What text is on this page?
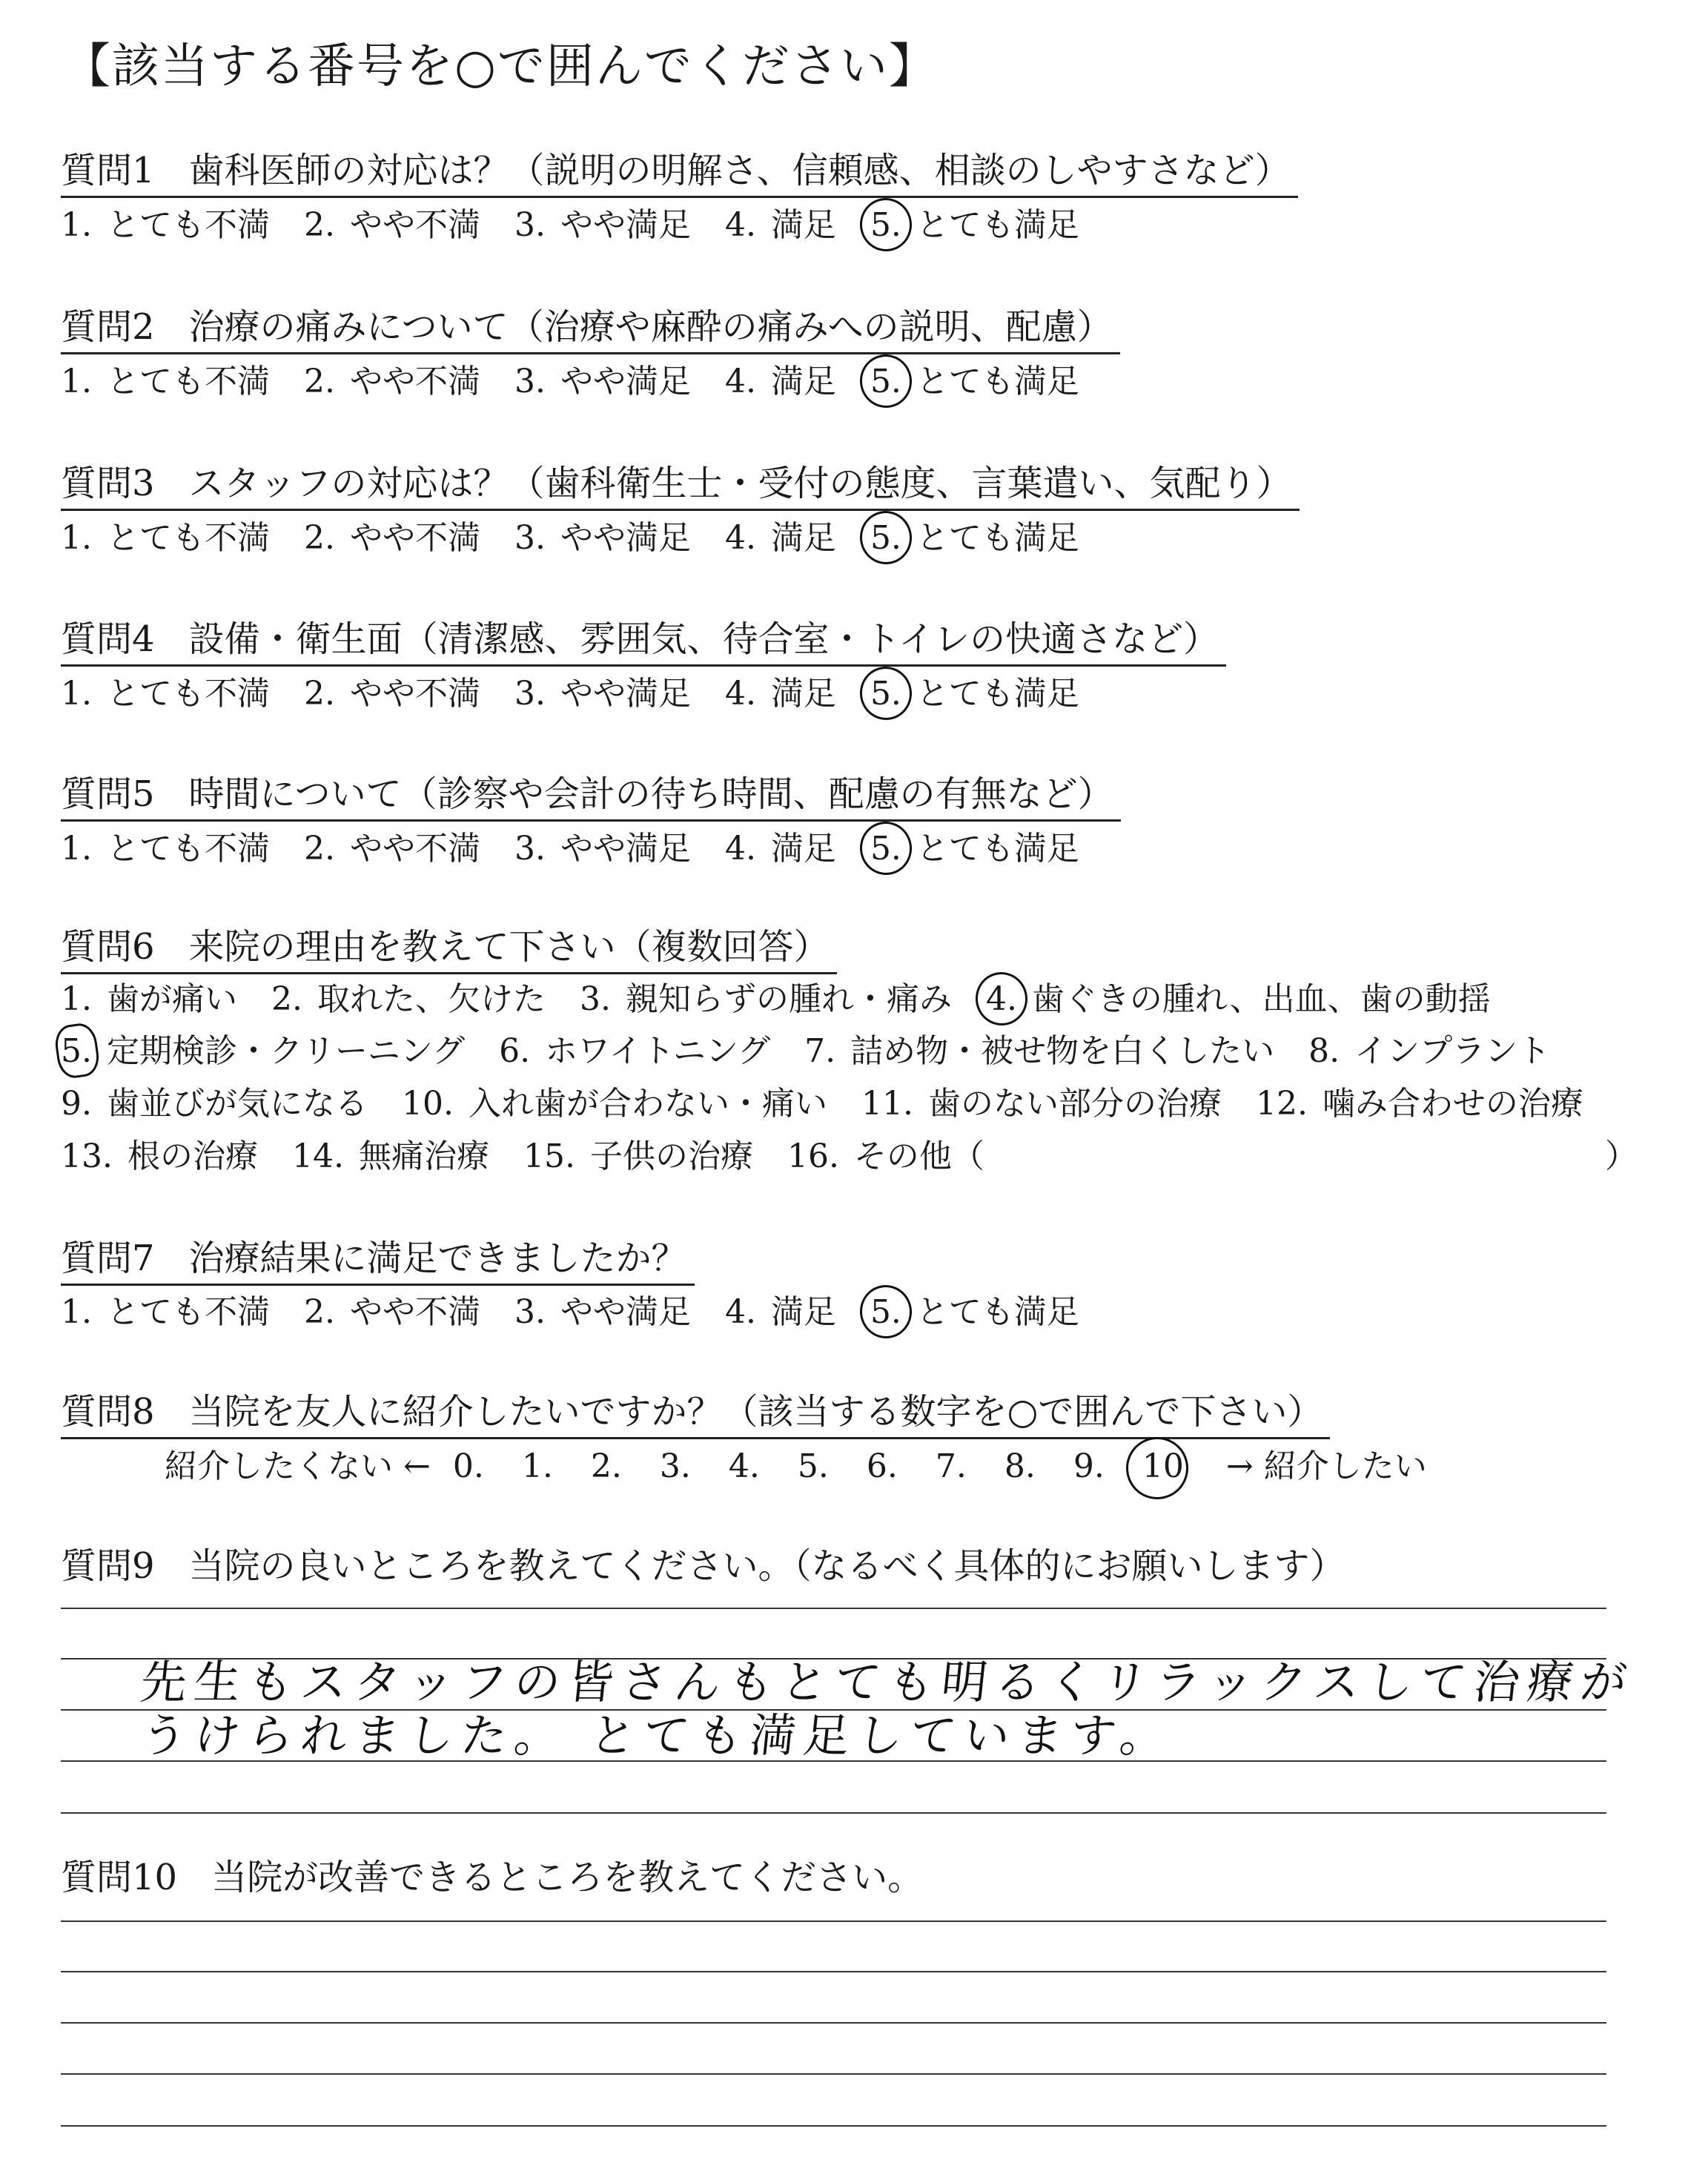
【該当する番号を○で囲んでください】
質問1 歯科医師の対応は？（説明の明解さ、信頼感、相談のしやすさなど）
1. とても不満 2. やや不満 3. やや満足 4. 満足 5. とても満足
質問2 治療の痛みについて（治療や麻酔の痛みへの説明、配慮）
1. とても不満 2. やや不満 3. やや満足 4. 満足 5. とても満足
質問3 スタッフの対応は？（歯科衛生士・受付の態度、言葉遣い、気配り）
1. とても不満 2. やや不満 3. やや満足 4. 満足 5. とても満足
質問4 設備・衛生面（清潔感、雰囲気、待合室・トイレの快適さなど）
1. とても不満 2. やや不満 3. やや満足 4. 満足 5. とても満足
質問5 時間について（診察や会計の待ち時間、配慮の有無など）
1. とても不満 2. やや不満 3. やや満足 4. 満足 5. とても満足
質問6 来院の理由を教えて下さい（複数回答）
1. 歯が痛い 2. 取れた、欠けた 3. 親知らずの腫れ・痛み 4. 歯ぐきの腫れ、出血、歯の動揺
5. 定期検診・クリーニング 6. ホワイトニング 7. 詰め物・被せ物を白くしたい 8. インプラント
9. 歯並びが気になる 10. 入れ歯が合わない・痛い 11. 歯のない部分の治療 12. 噛み合わせの治療
13. 根の治療 14. 無痛治療 15. 子供の治療 16. その他（	）
質問7 治療結果に満足できましたか？
1. とても不満 2. やや不満 3. やや満足 4. 満足 5. とても満足
質問8 当院を友人に紹介したいですか？（該当する数字を○で囲んで下さい）
紹介したくない ← 0.	1.	2.	3.	4.	5.	6.	7.	8.	9.	10	→ 紹介したい
質問9 当院の良いところを教えてください。（なるべく具体的にお願いします）
先生もスタッフの皆さんもとても明るくリラックスして治療が
うけられました。 とても満足しています。
質問10 当院が改善できるところを教えてください。
